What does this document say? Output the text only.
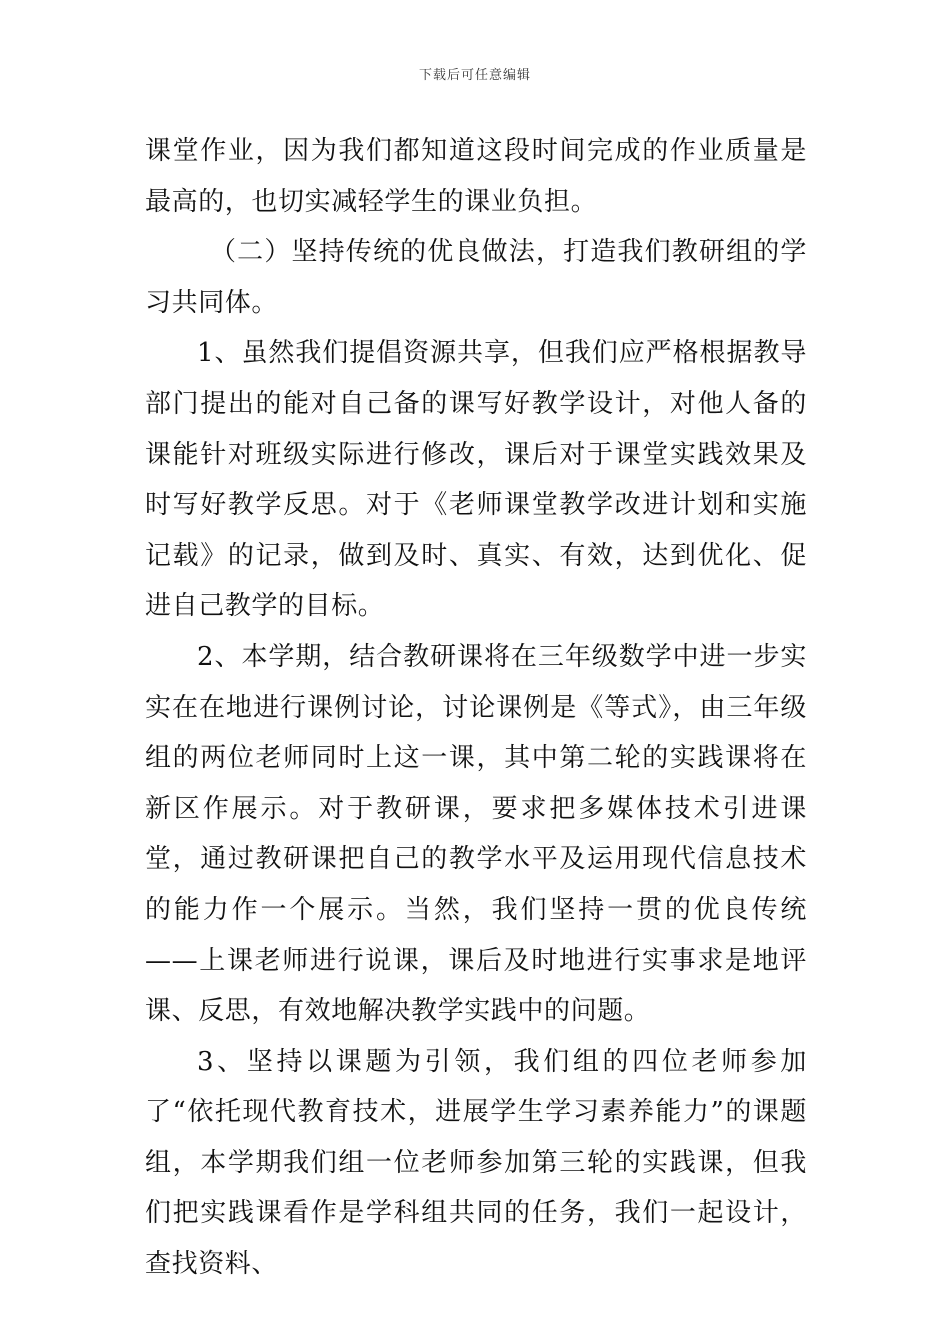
下载后可任意编辑

课堂作业，因为我们都知道这段时间完成的作业质量是最高的，也切实减轻学生的课业负担。

（二）坚持传统的优良做法，打造我们教研组的学习共同体。

1、虽然我们提倡资源共享，但我们应严格根据教导部门提出的能对自己备的课写好教学设计，对他人备的课能针对班级实际进行修改，课后对于课堂实践效果及时写好教学反思。对于《老师课堂教学改进计划和实施记载》的记录，做到及时、真实、有效，达到优化、促进自己教学的目标。

2、本学期，结合教研课将在三年级数学中进一步实实在在地进行课例讨论，讨论课例是《等式》，由三年级组的两位老师同时上这一课，其中第二轮的实践课将在新区作展示。对于教研课，要求把多媒体技术引进课堂，通过教研课把自己的教学水平及运用现代信息技术的能力作一个展示。当然，我们坚持一贯的优良传统——上课老师进行说课，课后及时地进行实事求是地评课、反思，有效地解决教学实践中的问题。

3、坚持以课题为引领，我们组的四位老师参加了“依托现代教育技术，进展学生学习素养能力”的课题组，本学期我们组一位老师参加第三轮的实践课，但我们把实践课看作是学科组共同的任务，我们一起设计，查找资料、
